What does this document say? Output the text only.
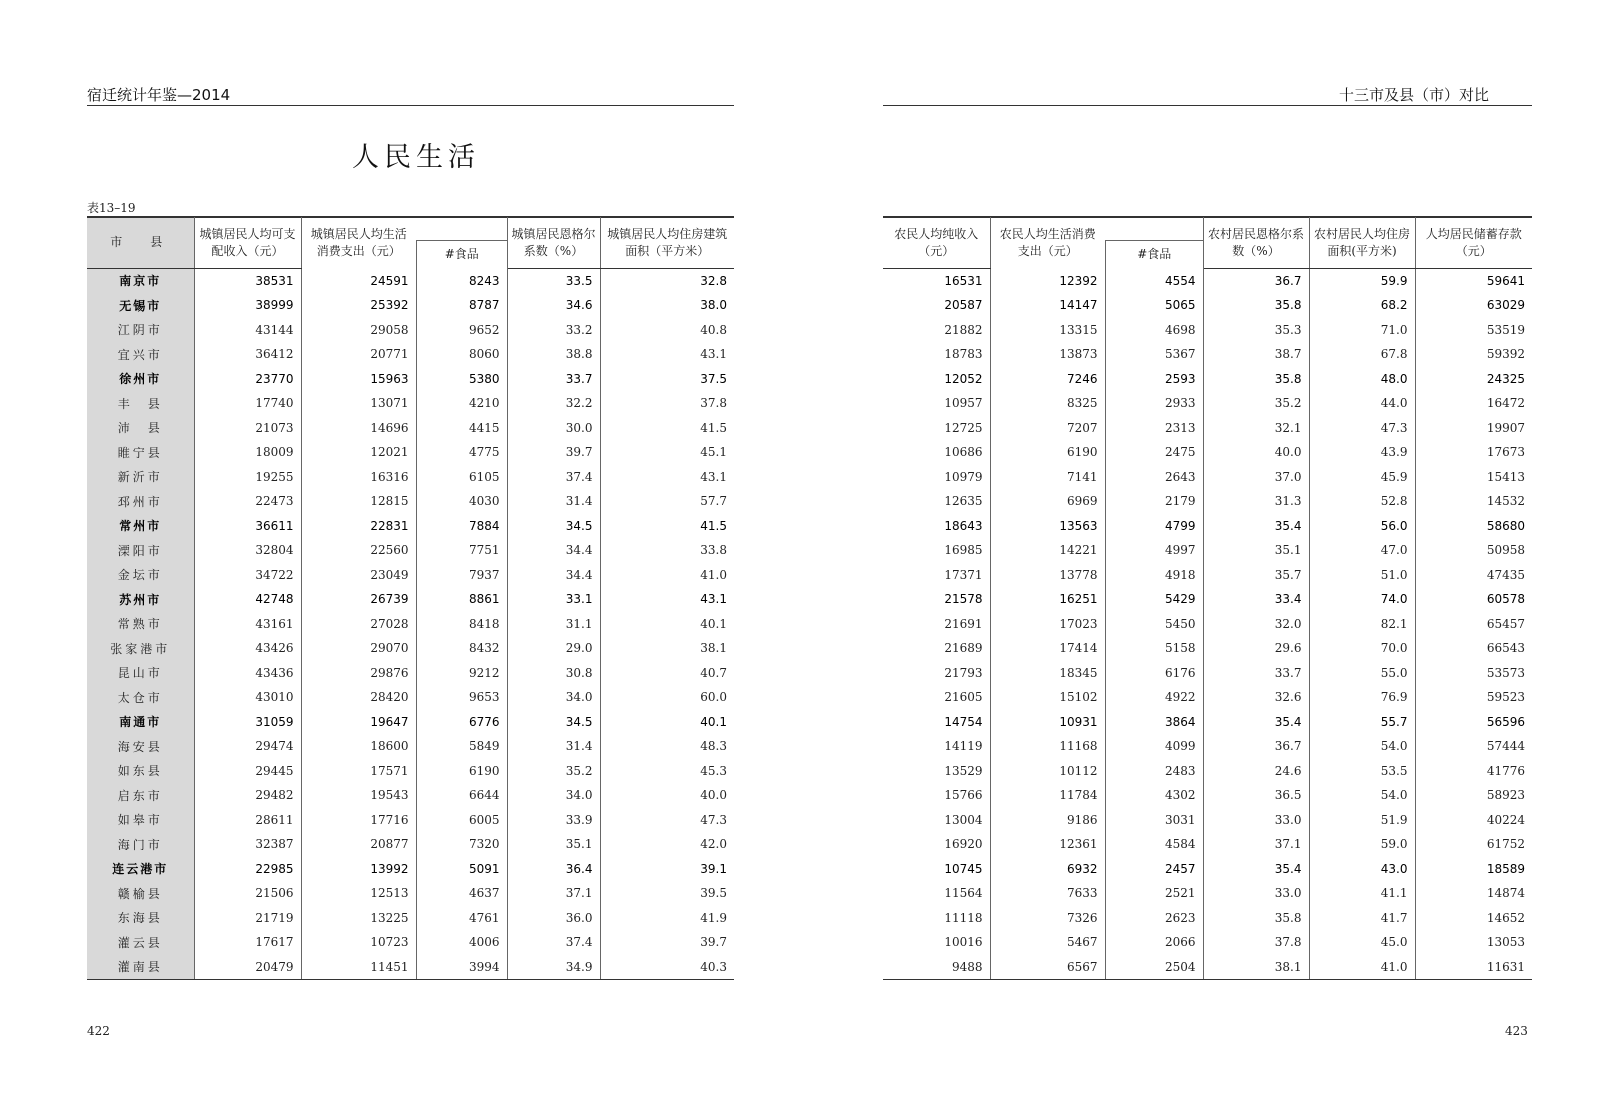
宿迁统计年鉴—2014	十三市及县（市）对比
人民生活
表13–19
市　县	城镇居民人均可支配收入（元）	城镇居民人均生活消费支出（元） #食品		城镇居民恩格尔系数（%）	城镇居民人均住房建筑面积（平方米）

南京市	38531	24591	8243	33.5	32.8
无锡市	38999	25392	8787	34.6	38.0
江阴市	43144	29058	9652	33.2	40.8
宜兴市	36412	20771	8060	38.8	43.1
徐州市	23770	15963	5380	33.7	37.5
丰　县	17740	13071	4210	32.2	37.8
沛　县	21073	14696	4415	30.0	41.5
睢宁县	18009	12021	4775	39.7	45.1
新沂市	19255	16316	6105	37.4	43.1
邳州市	22473	12815	4030	31.4	57.7
常州市	36611	22831	7884	34.5	41.5
溧阳市	32804	22560	7751	34.4	33.8
金坛市	34722	23049	7937	34.4	41.0
苏州市	42748	26739	8861	33.1	43.1
常熟市	43161	27028	8418	31.1	40.1
张家港市	43426	29070	8432	29.0	38.1
昆山市	43436	29876	9212	30.8	40.7
太仓市	43010	28420	9653	34.0	60.0
南通市	31059	19647	6776	34.5	40.1
海安县	29474	18600	5849	31.4	48.3
如东县	29445	17571	6190	35.2	45.3
启东市	29482	19543	6644	34.0	40.0
如皋市	28611	17716	6005	33.9	47.3
海门市	32387	20877	7320	35.1	42.0
连云港市	22985	13992	5091	36.4	39.1
赣榆县	21506	12513	4637	37.1	39.5
东海县	21719	13225	4761	36.0	41.9
灌云县	17617	10723	4006	37.4	39.7
灌南县	20479	11451	3994	34.9	40.3
农民人均纯收入（元）	农民人均生活消费支出（元） #食品		农村居民恩格尔系数（%）	农村居民人均住房面积(平方米)	人均居民储蓄存款（元）

16531	12392	4554	36.7	59.9	59641
20587	14147	5065	35.8	68.2	63029
21882	13315	4698	35.3	71.0	53519
18783	13873	5367	38.7	67.8	59392
12052	7246	2593	35.8	48.0	24325
10957	8325	2933	35.2	44.0	16472
12725	7207	2313	32.1	47.3	19907
10686	6190	2475	40.0	43.9	17673
10979	7141	2643	37.0	45.9	15413
12635	6969	2179	31.3	52.8	14532
18643	13563	4799	35.4	56.0	58680
16985	14221	4997	35.1	47.0	50958
17371	13778	4918	35.7	51.0	47435
21578	16251	5429	33.4	74.0	60578
21691	17023	5450	32.0	82.1	65457
21689	17414	5158	29.6	70.0	66543
21793	18345	6176	33.7	55.0	53573
21605	15102	4922	32.6	76.9	59523
14754	10931	3864	35.4	55.7	56596
14119	11168	4099	36.7	54.0	57444
13529	10112	2483	24.6	53.5	41776
15766	11784	4302	36.5	54.0	58923
13004	9186	3031	33.0	51.9	40224
16920	12361	4584	37.1	59.0	61752
10745	6932	2457	35.4	43.0	18589
11564	7633	2521	33.0	41.1	14874
11118	7326	2623	35.8	41.7	14652
10016	5467	2066	37.8	45.0	13053
9488	6567	2504	38.1	41.0	11631
422	423
